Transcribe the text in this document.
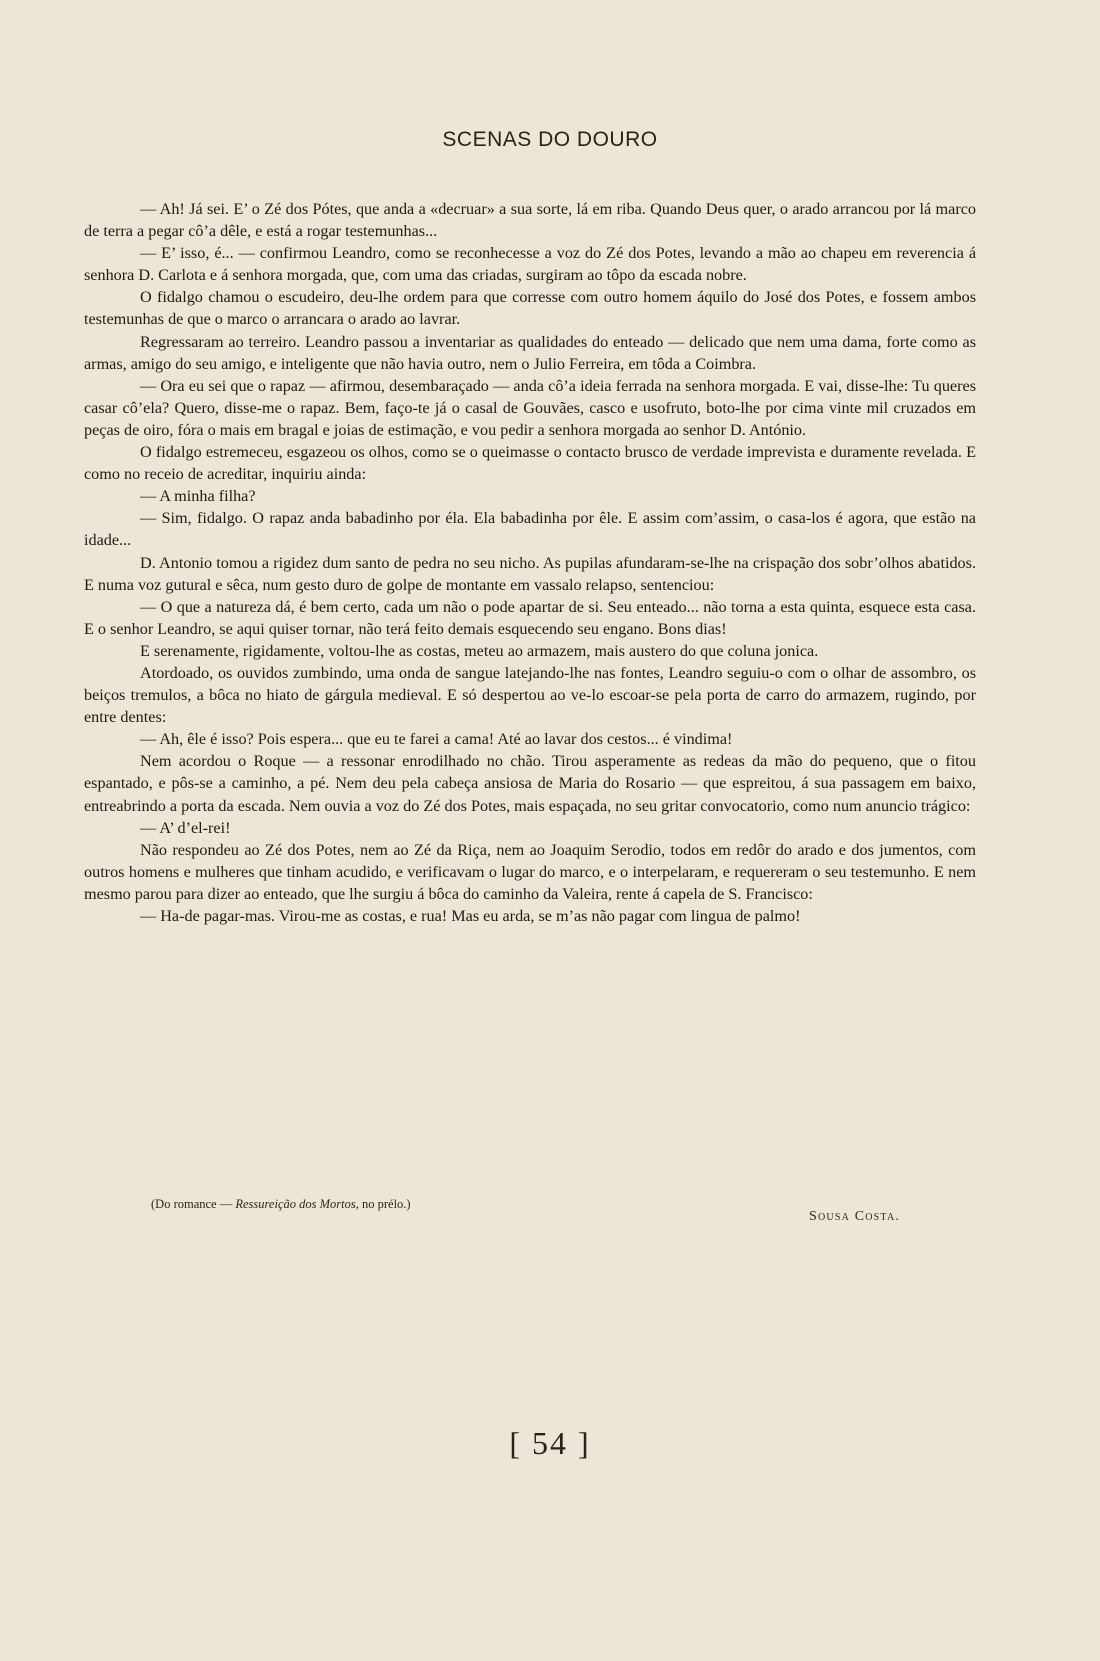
SCENAS DO DOURO

— Ah! Já sei. E’ o Zé dos Pótes, que anda a «decruar» a sua sorte, lá em riba. Quando Deus quer, o arado arrancou por lá marco de terra a pegar cô’a dêle, e está a rogar testemunhas...

— E’ isso, é... — confirmou Leandro, como se reconhecesse a voz do Zé dos Potes, levando a mão ao chapeu em reverencia á senhora D. Carlota e á senhora morgada, que, com uma das criadas, surgiram ao tôpo da escada nobre.

O fidalgo chamou o escudeiro, deu-lhe ordem para que corresse com outro homem áquilo do José dos Potes, e fossem ambos testemunhas de que o marco o arrancara o arado ao lavrar.

Regressaram ao terreiro. Leandro passou a inventariar as qualidades do enteado — delicado que nem uma dama, forte como as armas, amigo do seu amigo, e inteligente que não havia outro, nem o Julio Ferreira, em tôda a Coimbra.

— Ora eu sei que o rapaz — afirmou, desembaraçado — anda cô’a ideia ferrada na senhora morgada. E vai, disse-lhe: Tu queres casar cô’ela? Quero, disse-me o rapaz. Bem, faço-te já o casal de Gouvães, casco e usofruto, boto-lhe por cima vinte mil cruzados em peças de oiro, fóra o mais em bragal e joias de estimação, e vou pedir a senhora morgada ao senhor D. António.

O fidalgo estremeceu, esgazeou os olhos, como se o queimasse o contacto brusco de verdade imprevista e duramente revelada. E como no receio de acreditar, inquiriu ainda:

— A minha filha?

— Sim, fidalgo. O rapaz anda babadinho por éla. Ela babadinha por êle. E assim com’assim, o casa-los é agora, que estão na idade...

D. Antonio tomou a rigidez dum santo de pedra no seu nicho. As pupilas afundaram-se-lhe na crispação dos sobr’olhos abatidos. E numa voz gutural e sêca, num gesto duro de golpe de montante em vassalo relapso, sentenciou:

— O que a natureza dá, é bem certo, cada um não o pode apartar de si. Seu enteado... não torna a esta quinta, esquece esta casa. E o senhor Leandro, se aqui quiser tornar, não terá feito demais esquecendo seu engano. Bons dias!

E serenamente, rigidamente, voltou-lhe as costas, meteu ao armazem, mais austero do que coluna jonica.

Atordoado, os ouvidos zumbindo, uma onda de sangue latejando-lhe nas fontes, Leandro seguiu-o com o olhar de assombro, os beiços tremulos, a bôca no hiato de gárgula medieval. E só despertou ao ve-lo escoar-se pela porta de carro do armazem, rugindo, por entre dentes:

— Ah, êle é isso? Pois espera... que eu te farei a cama! Até ao lavar dos cestos... é vindima!

Nem acordou o Roque — a ressonar enrodilhado no chão. Tirou asperamente as redeas da mão do pequeno, que o fitou espantado, e pôs-se a caminho, a pé. Nem deu pela cabeça ansiosa de Maria do Rosario — que espreitou, á sua passagem em baixo, entreabrindo a porta da escada. Nem ouvia a voz do Zé dos Potes, mais espaçada, no seu gritar convocatorio, como num anuncio trágico:

— A’ d’el-rei!

Não respondeu ao Zé dos Potes, nem ao Zé da Riça, nem ao Joaquim Serodio, todos em redôr do arado e dos jumentos, com outros homens e mulheres que tinham acudido, e verificavam o lugar do marco, e o interpelaram, e requereram o seu testemunho. E nem mesmo parou para dizer ao enteado, que lhe surgiu á bôca do caminho da Valeira, rente á capela de S. Francisco:

— Ha-de pagar-mas. Virou-me as costas, e rua! Mas eu arda, se m’as não pagar com lingua de palmo!

(Do romance — Ressureição dos Mortos, no prélo.)
Sousa Costa.
[ 54 ]
